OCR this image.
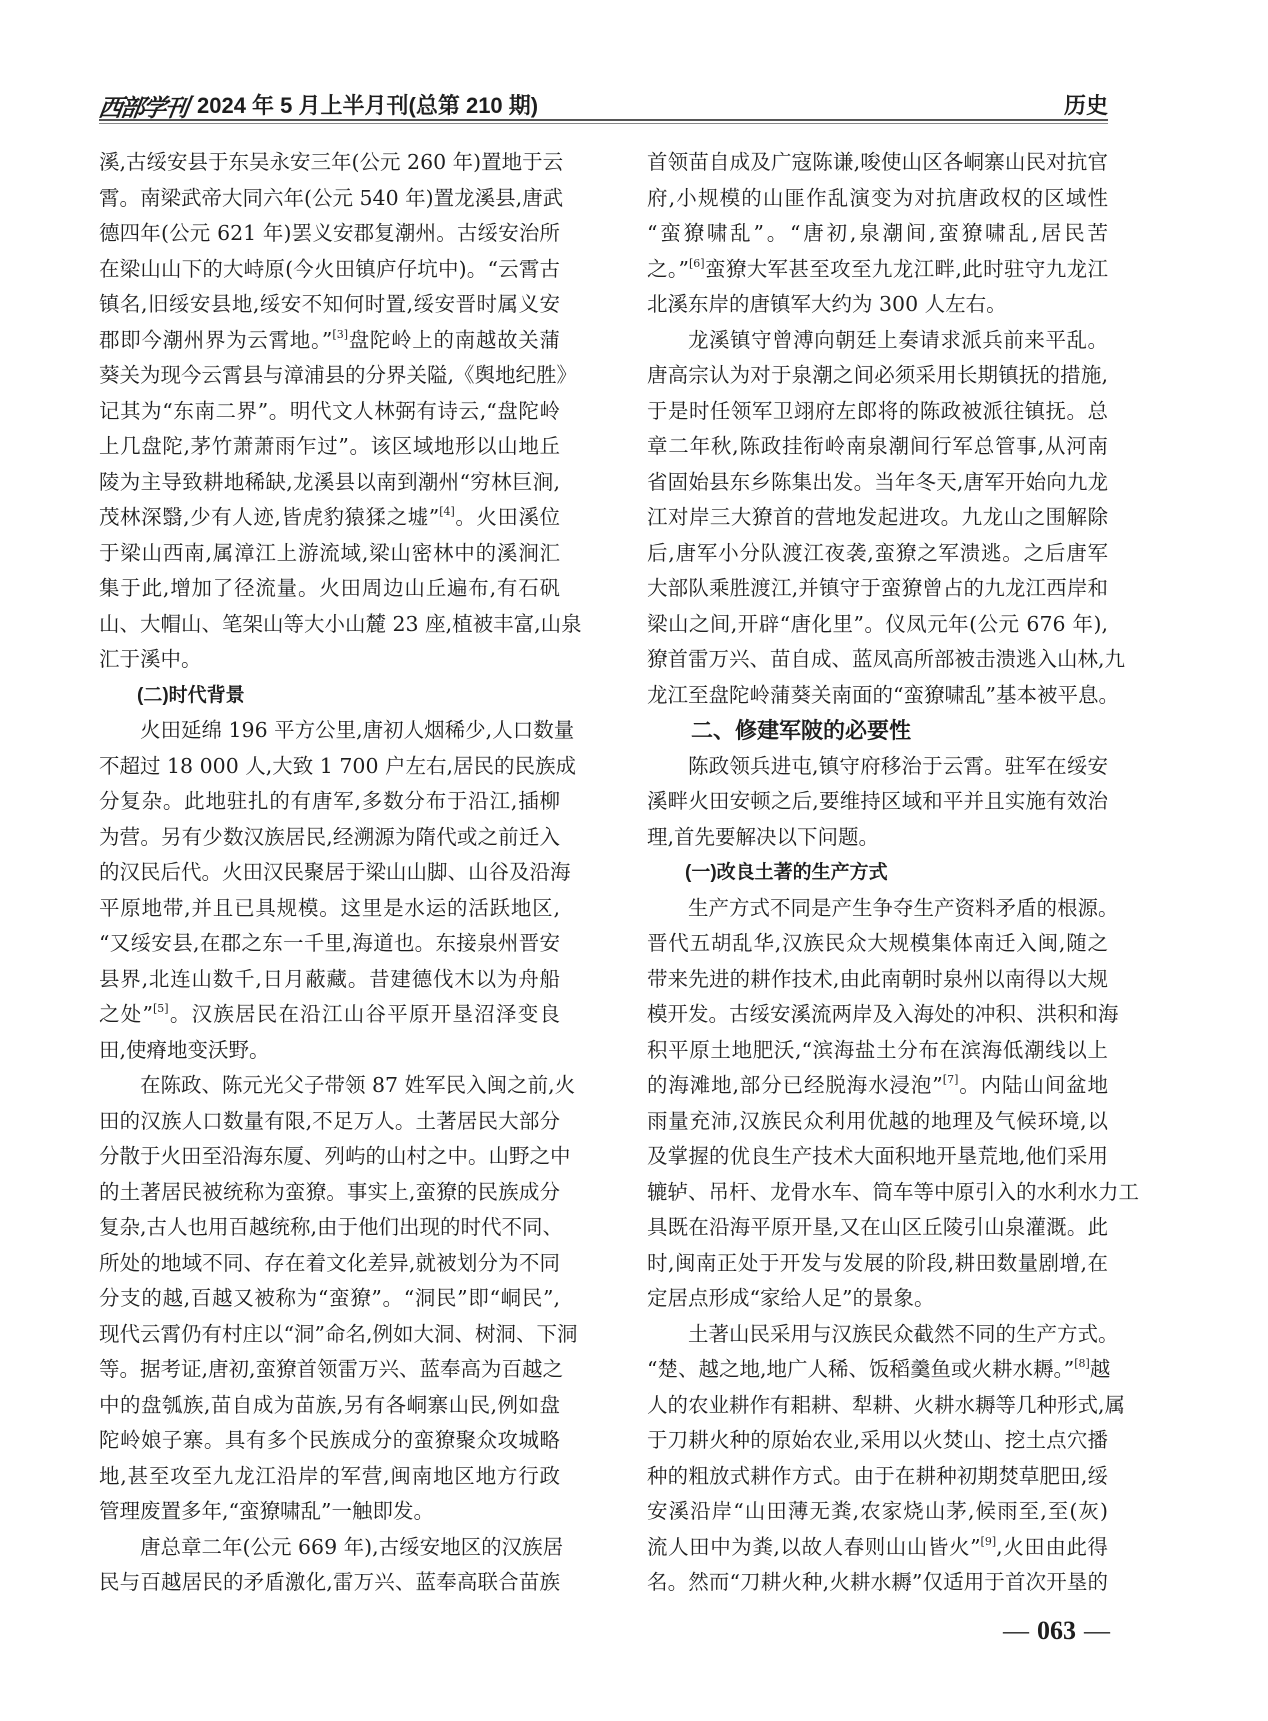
西部学刊 2024 年 5 月上半月刊(总第 210 期)	历史
溪,古绥安县于东吴永安三年(公元 260 年)置地于云
霄。南梁武帝大同六年(公元 540 年)置龙溪县,唐武
德四年(公元 621 年)罢义安郡复潮州。古绥安治所
在梁山山下的大峙原(今火田镇庐仔坑中)。“云霄古
镇名,旧绥安县地,绥安不知何时置,绥安晋时属义安
郡即今潮州界为云霄地。”[3]盘陀岭上的南越故关蒲
葵关为现今云霄县与漳浦县的分界关隘,《舆地纪胜》
记其为“东南二界”。明代文人林弼有诗云,“盘陀岭
上几盘陀,茅竹萧萧雨乍过”。该区域地形以山地丘
陵为主导致耕地稀缺,龙溪县以南到潮州“穷林巨涧,
茂林深翳,少有人迹,皆虎豹猿猱之墟”[4]。火田溪位
于梁山西南,属漳江上游流域,梁山密林中的溪涧汇
集于此,增加了径流量。火田周边山丘遍布,有石矾
山、大帽山、笔架山等大小山麓 23 座,植被丰富,山泉
汇于溪中。
(二)时代背景
火田延绵 196 平方公里,唐初人烟稀少,人口数量
不超过 18 000 人,大致 1 700 户左右,居民的民族成
分复杂。此地驻扎的有唐军,多数分布于沿江,插柳
为营。另有少数汉族居民,经溯源为隋代或之前迁入
的汉民后代。火田汉民聚居于梁山山脚、山谷及沿海
平原地带,并且已具规模。这里是水运的活跃地区,
“又绥安县,在郡之东一千里,海道也。东接泉州晋安
县界,北连山数千,日月蔽藏。昔建德伐木以为舟船
之处”[5]。汉族居民在沿江山谷平原开垦沼泽变良
田,使瘠地变沃野。
在陈政、陈元光父子带领 87 姓军民入闽之前,火
田的汉族人口数量有限,不足万人。土著居民大部分
分散于火田至沿海东厦、列屿的山村之中。山野之中
的土著居民被统称为蛮獠。事实上,蛮獠的民族成分
复杂,古人也用百越统称,由于他们出现的时代不同、
所处的地域不同、存在着文化差异,就被划分为不同
分支的越,百越又被称为“蛮獠”。“洞民”即“峒民”,
现代云霄仍有村庄以“洞”命名,例如大洞、树洞、下洞
等。据考证,唐初,蛮獠首领雷万兴、蓝奉高为百越之
中的盘瓠族,苗自成为苗族,另有各峒寨山民,例如盘
陀岭娘子寨。具有多个民族成分的蛮獠聚众攻城略
地,甚至攻至九龙江沿岸的军营,闽南地区地方行政
管理废置多年,“蛮獠啸乱”一触即发。
唐总章二年(公元 669 年),古绥安地区的汉族居
民与百越居民的矛盾激化,雷万兴、蓝奉高联合苗族
首领苗自成及广寇陈谦,唆使山区各峒寨山民对抗官
府,小规模的山匪作乱演变为对抗唐政权的区域性
“蛮獠啸乱”。“唐初,泉潮间,蛮獠啸乱,居民苦
之。”[6]蛮獠大军甚至攻至九龙江畔,此时驻守九龙江
北溪东岸的唐镇军大约为 300 人左右。
龙溪镇守曾溥向朝廷上奏请求派兵前来平乱。
唐高宗认为对于泉潮之间必须采用长期镇抚的措施,
于是时任领军卫翊府左郎将的陈政被派往镇抚。总
章二年秋,陈政挂衔岭南泉潮间行军总管事,从河南
省固始县东乡陈集出发。当年冬天,唐军开始向九龙
江对岸三大獠首的营地发起进攻。九龙山之围解除
后,唐军小分队渡江夜袭,蛮獠之军溃逃。之后唐军
大部队乘胜渡江,并镇守于蛮獠曾占的九龙江西岸和
梁山之间,开辟“唐化里”。仪凤元年(公元 676 年),
獠首雷万兴、苗自成、蓝凤高所部被击溃逃入山林,九
龙江至盘陀岭蒲葵关南面的“蛮獠啸乱”基本被平息。
二、修建军陂的必要性
陈政领兵进屯,镇守府移治于云霄。驻军在绥安
溪畔火田安顿之后,要维持区域和平并且实施有效治
理,首先要解决以下问题。
(一)改良土著的生产方式
生产方式不同是产生争夺生产资料矛盾的根源。
晋代五胡乱华,汉族民众大规模集体南迁入闽,随之
带来先进的耕作技术,由此南朝时泉州以南得以大规
模开发。古绥安溪流两岸及入海处的冲积、洪积和海
积平原土地肥沃,“滨海盐土分布在滨海低潮线以上
的海滩地,部分已经脱海水浸泡”[7]。内陆山间盆地
雨量充沛,汉族民众利用优越的地理及气候环境,以
及掌握的优良生产技术大面积地开垦荒地,他们采用
辘轳、吊杆、龙骨水车、筒车等中原引入的水利水力工
具既在沿海平原开垦,又在山区丘陵引山泉灌溉。此
时,闽南正处于开发与发展的阶段,耕田数量剧增,在
定居点形成“家给人足”的景象。
土著山民采用与汉族民众截然不同的生产方式。
“楚、越之地,地广人稀、饭稻羹鱼或火耕水耨。”[8]越
人的农业耕作有耜耕、犁耕、火耕水耨等几种形式,属
于刀耕火种的原始农业,采用以火焚山、挖土点穴播
种的粗放式耕作方式。由于在耕种初期焚草肥田,绥
安溪沿岸“山田薄无粪,农家烧山茅,候雨至,至(灰)
流人田中为粪,以故人春则山山皆火”[9],火田由此得
名。然而“刀耕火种,火耕水耨”仅适用于首次开垦的
— 063 —
